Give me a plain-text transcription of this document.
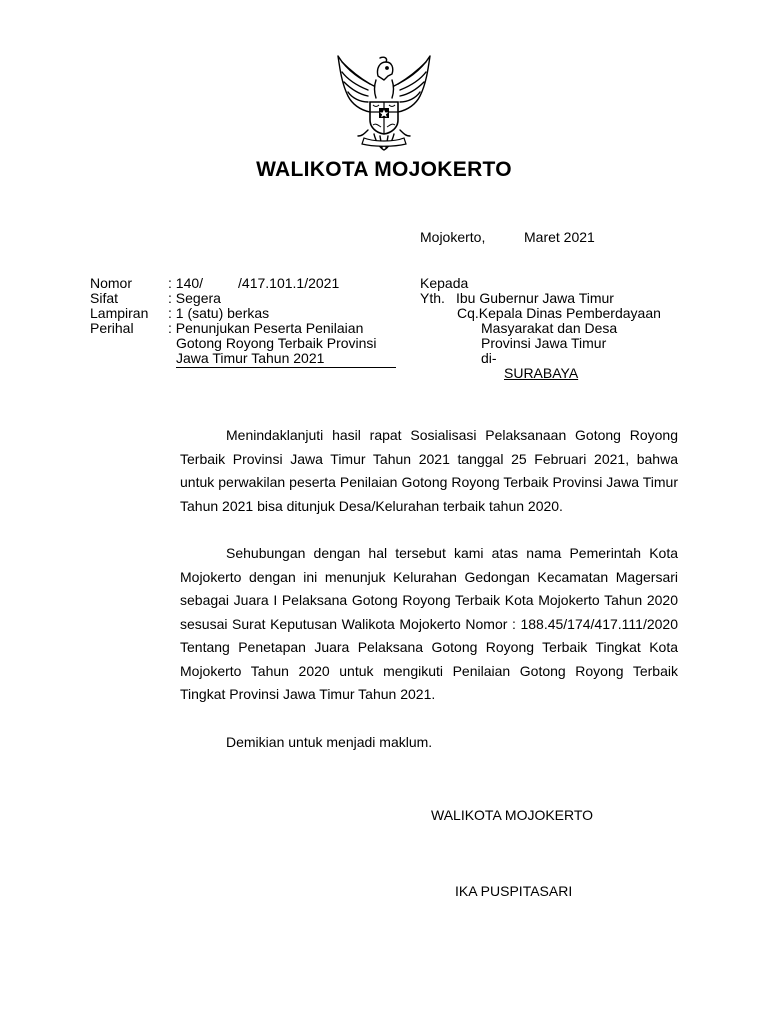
WALIKOTA MOJOKERTO
Mojokerto,	Maret 2021
Nomor	: 140/         /417.101.1/2021
Sifat	: Segera
Lampiran : 1 (satu) berkas
Perihal : Penunjukan Peserta Penilaian
Gotong Royong Terbaik Provinsi
Jawa Timur Tahun 2021
Kepada
Yth. Ibu Gubernur Jawa Timur
Cq.Kepala Dinas Pemberdayaan
Masyarakat dan Desa
Provinsi Jawa Timur
di-
SURABAYA

Menindaklanjuti hasil rapat Sosialisasi Pelaksanaan Gotong Royong Terbaik Provinsi Jawa Timur Tahun 2021 tanggal 25 Februari 2021, bahwa untuk perwakilan peserta Penilaian Gotong Royong Terbaik Provinsi Jawa Timur Tahun 2021 bisa ditunjuk Desa/Kelurahan terbaik tahun 2020.

Sehubungan dengan hal tersebut kami atas nama Pemerintah Kota Mojokerto dengan ini menunjuk Kelurahan Gedongan Kecamatan Magersari sebagai Juara I Pelaksana Gotong Royong Terbaik Kota Mojokerto Tahun 2020 sesusai Surat Keputusan Walikota Mojokerto Nomor : 188.45/174/417.111/2020 Tentang Penetapan Juara Pelaksana Gotong Royong Terbaik Tingkat Kota Mojokerto Tahun 2020 untuk mengikuti Penilaian Gotong Royong Terbaik Tingkat Provinsi Jawa Timur Tahun 2021.

Demikian untuk menjadi maklum.

WALIKOTA MOJOKERTO
IKA PUSPITASARI
